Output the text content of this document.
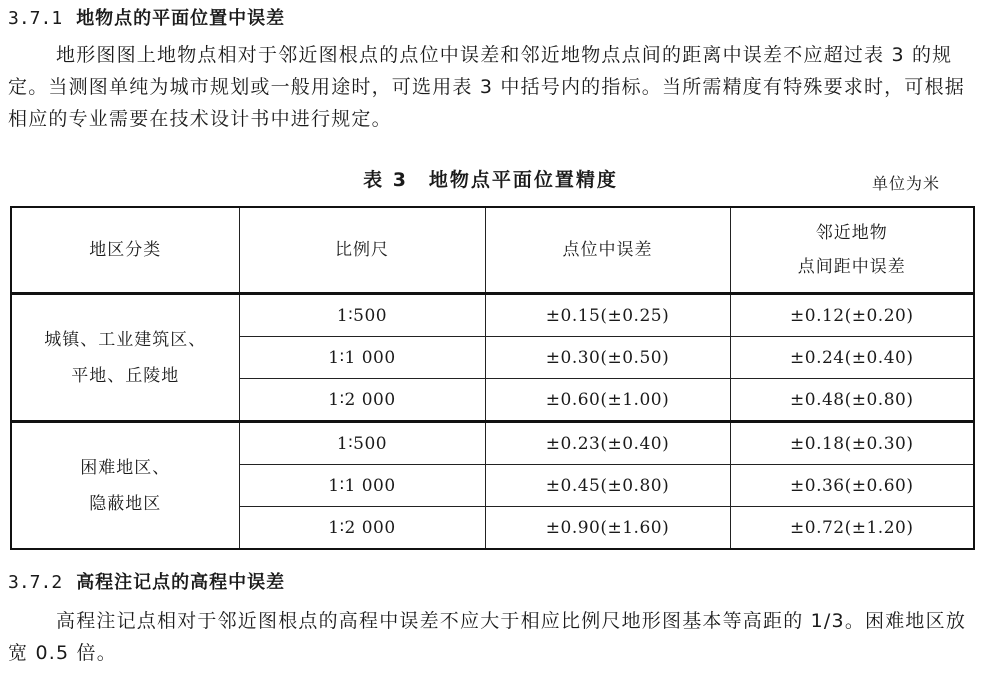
3.7.1 地物点的平面位置中误差

地形图图上地物点相对于邻近图根点的点位中误差和邻近地物点点间的距离中误差不应超过表 3 的规定。当测图单纯为城市规划或一般用途时，可选用表 3 中括号内的指标。当所需精度有特殊要求时，可根据相应的专业需要在技术设计书中进行规定。

表 3　地物点平面位置精度	单位为米
地区分类	比例尺	点位中误差	邻近地物
点间距中误差
城镇、工业建筑区、
平地、丘陵地	1∶500	±0.15(±0.25)	±0.12(±0.20)
	1∶1 000	±0.30(±0.50)	±0.24(±0.40)
	1∶2 000	±0.60(±1.00)	±0.48(±0.80)
困难地区、
隐蔽地区	1∶500	±0.23(±0.40)	±0.18(±0.30)
	1∶1 000	±0.45(±0.80)	±0.36(±0.60)
	1∶2 000	±0.90(±1.60)	±0.72(±1.20)
3.7.2 高程注记点的高程中误差

高程注记点相对于邻近图根点的高程中误差不应大于相应比例尺地形图基本等高距的 1/3。困难地区放宽 0.5 倍。
